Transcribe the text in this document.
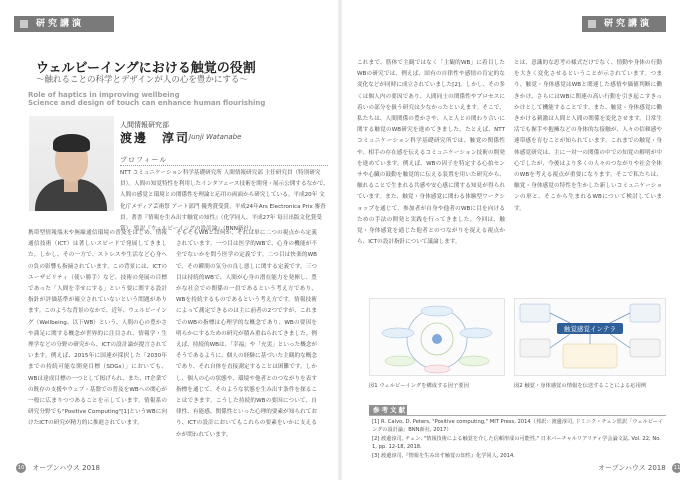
研究講演
ウェルビーイングにおける触覚の役割
〜触れることの科学とデザインが人の心を豊かにする〜
Role of haptics in improving wellbeing
Science and design of touch can enhance human flourishing
人間情報研究部
渡邊　淳司
Junji Watanabe
プロフィール
NTT コミュニケーション科学基礎研究所 人間情報研究部 主任研究員（特別研究員）。人間の知覚特性を利用したインタフェース技術を開発・展示公開するなかで、人間の感覚と環境との関係性を理論と応用の両面から研究している。平成20年 文化庁メディア芸術祭 アート部門 優秀賞受賞。平成24年Ars Electronica Prix 審査員。著書『情報を生み出す触覚の知性』（化学同人、平成27年 毎日出版文化賞受賞）、監訳『ウェルビーイングの設計論』（BNN新社）。
携帯型情報端末や無線通信環境の普及をはじめ、情報通信技術（ICT）は著しいスピードで発展してきました。しかし、その一方で、ストレスや生活など心身への負の影響も指摘されています。この背景には、ICTのユーザビリティ（使い勝手）など、技術の発展の目標であった「人間を幸せにする」という要に関する設計指針が評価基準が確立されていないという問題があります。このような背景のなかで、近年、ウェルビーイング（Wellbeing、以下WB）という、人間の心の豊かさや満足に関する概念が世界的に注目され、情報学・生理学などの分野の研究から、ICTの設計論が提言されています。例えば、2015年に国連が採択した「2030年までの持続可能な開発目標（SDGs）」においても、WBは達成目標の一つとして掲げられ、また、IT企業での既存の支援やウェブ・基盤での普及をWBへの関心が一般に広まりつつあることを示しています。情報系の研究分野でも"Positive Computing"[1]というWBに向けたICTの研究が精力的に推進されています。
そもそもWBとは何か、それは単に二つの視点から定義されています。一つ目は医学的WBで、心身の機能が不全でないかを問う医学の定義です。二つ目は快楽的WBで、その瞬間の気分の良し悪しに関する定義です。三つ目は持続的WBで、人間が心身の潜在能力を発揮し、豊かな社会での関係の一員であるという考え方であり、WBを持続するものであるという考え方です。情報技術によって測定できるのは主に前者の2つですが、これまでのWBの指標は心理学的な概念であり、WBの要因を明らかにするための研究が積み重ねられてきました。例えば、持続的WBは、「幸福」や「充実」といった概念がそうであるように、個人の経験に基づいた主観的な概念であり、それ自体を直接測定することは困難です。しかし、個人の心の状態や、環境や他者とのつながりを表す指標を通じて、そのような状態を生み出す条件を探ることはできます。こうした持続的WBの要因について、自律性、有能感、関係性といった心理的要素が知られており、ICTの設計においてもこれらの要素をいかに支えるかが問われています。
10 オープンハウス 2018
研究講演
これまで、筋体で主観ではなく「主観的WB」に着目したWBの研究では、例えば、固有の自律性や感情の肯定的な変化などが同時に成立されていました[2]。しかし、その多くは個人内の要因であり、人間同士の関係性やプロセスに着いの部分を扱う研究は少なかったといえます。そこで、私たちは、人間関係の豊かさや、人と人との関わり合いに関する触覚のWB研究を進めてきました。たとえば、NTTコミュニケーション科学基礎研究所では、触覚の関係性や、相手の存在感を伝えるコミュニケーション技術の開発を進めています。例えば、WBの因子を特定する心拍センサや心臓の鼓動を触覚的に伝える装置を用いた研究から、触れることで生まれる共感や安心感に関する知見が得られています。また、触覚・身体感覚に関わる体験型ワークショップを通じて、参加者が自身や他者のWBに目を向けるための手法の開発と実践を行ってきました。今回は、触覚・身体感覚を通じた他者とのつながりを捉える視点から、ICTの設計指針について議論します。
とは、意識的な思考の様式だけでなく、情動や身体の行動を大きく変化させるということが示されています。つまり、触覚・身体感覚はWBと関連した感情や価値判断に働きかけ、さらにはWBに関連の高い行動を引き起こすきっかけとして機能することです。また、触覚・身体感覚に働きかける刺激は人間と人間の関係を変化させます。日常生活でも握手や抱擁などの身体的な接触が、人々の信頼感や連帯感を育むことが知られています。これまでの触覚・身体感覚研究は、主に一対一の関係の中での知覚の解明が中心でしたが、今後はより多くの人々のつながりや社会全体のWBを考える視点が重要になります。そこで私たちは、触覚・身体感覚の特性を生かした新しいコミュニケーションの形と、そこから生まれるWBについて検討しています。
触覚感覚インテラ
図1 ウェルビーイングを構成する因子要因	図2 触覚・身体感覚の情報を伝送することによる応用例
参考文献
[1] R. Calvo, D. Peters, "Positive computing," MIT Press, 2014（邦訳：渡邊淳司, ドミニク・チェン監訳「ウェルビーイングの設計論」BNN新社, 2017）
[2] 渡邊淳司, チェン, "情報技術による触覚を介した信頼形成の可能性," 日本バーチャルリアリティ学会論文誌, Vol. 22, No. 1, pp. 12-18, 2018.
[3] 渡邊淳司,『情報を生み出す触覚の知性』化学同人, 2014.
オープンハウス 2018 11
